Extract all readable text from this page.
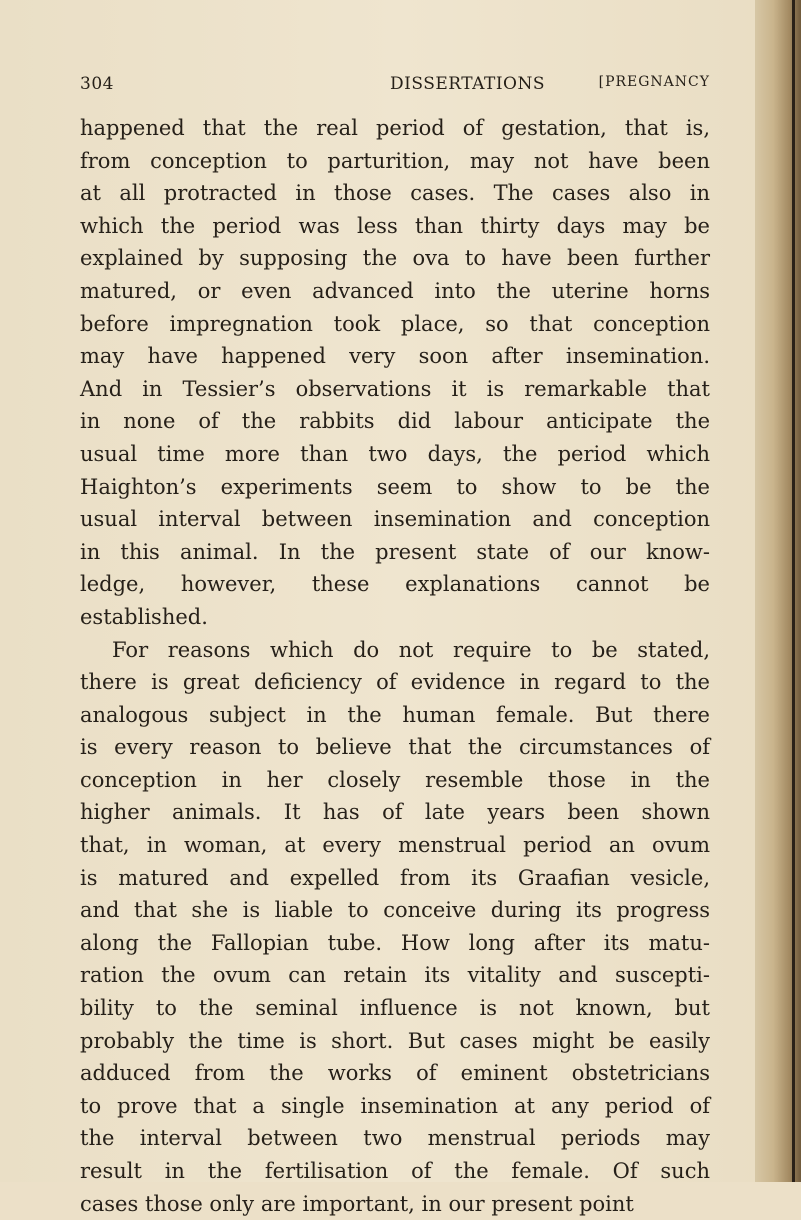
304	DISSERTATIONS	[PREGNANCY
happened that the real period of gestation, that is,
from conception to parturition, may not have been
at all protracted in those cases. The cases also in
which the period was less than thirty days may be
explained by supposing the ova to have been further
matured, or even advanced into the uterine horns
before impregnation took place, so that conception
may have happened very soon after insemination.
And in Tessier’s observations it is remarkable that
in none of the rabbits did labour anticipate the
usual time more than two days, the period which
Haighton’s experiments seem to show to be the
usual interval between insemination and conception
in this animal. In the present state of our know-
ledge, however, these explanations cannot be
established.
For reasons which do not require to be stated,
there is great deficiency of evidence in regard to the
analogous subject in the human female. But there
is every reason to believe that the circumstances of
conception in her closely resemble those in the
higher animals. It has of late years been shown
that, in woman, at every menstrual period an ovum
is matured and expelled from its Graafian vesicle,
and that she is liable to conceive during its progress
along the Fallopian tube. How long after its matu-
ration the ovum can retain its vitality and suscepti-
bility to the seminal influence is not known, but
probably the time is short. But cases might be easily
adduced from the works of eminent obstetricians
to prove that a single insemination at any period of
the interval between two menstrual periods may
result in the fertilisation of the female. Of such
cases those only are important, in our present point
